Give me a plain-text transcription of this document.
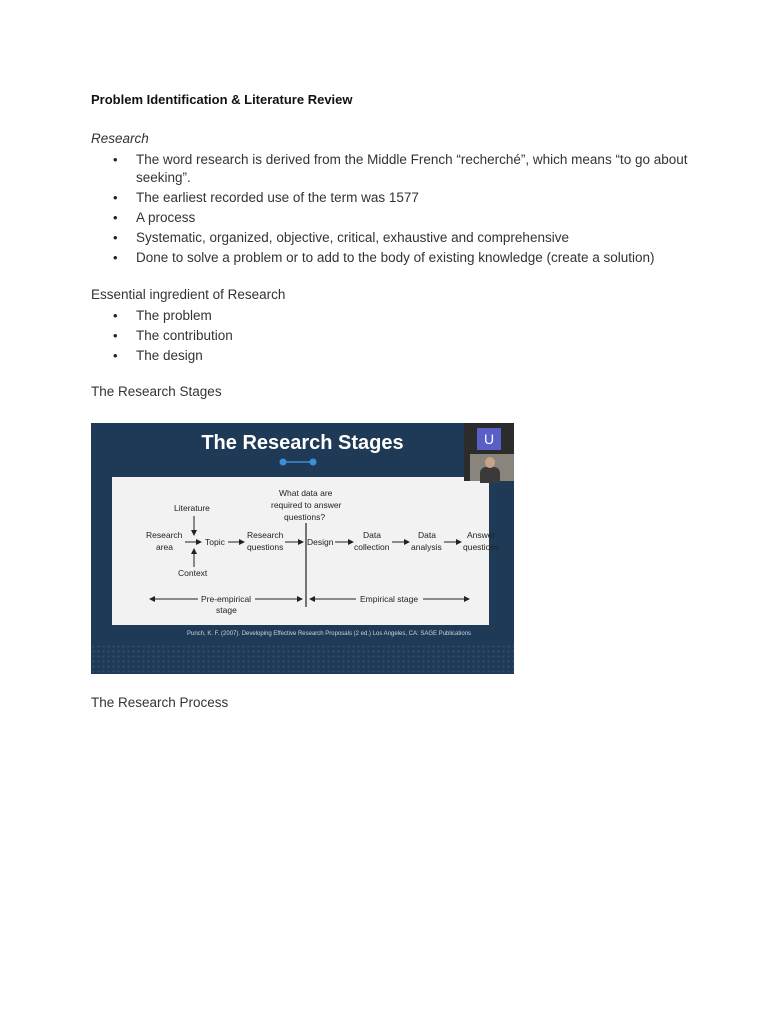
Problem Identification & Literature Review
Research
• The word research is derived from the Middle French “recherché”, which means “to go about seeking”.
• The earliest recorded use of the term was 1577
• A process
• Systematic, organized, objective, critical, exhaustive and comprehensive
• Done to solve a problem or to add to the body of existing knowledge (create a solution)
Essential ingredient of Research
• The problem
• The contribution
• The design
The Research Stages
The Research Stages
Literature
Research
area	Topic
Context
Research
questions
What data are
required to answer
questions?
Design
Data
collection
Data
analysis
Answer
questions
Pre-empirical
stage
Empirical stage
Punch, K. F. (2007). Developing Effective Research Proposals (2 ed.) Los Angeles, CA: SAGE Publications
U
The Research Process
